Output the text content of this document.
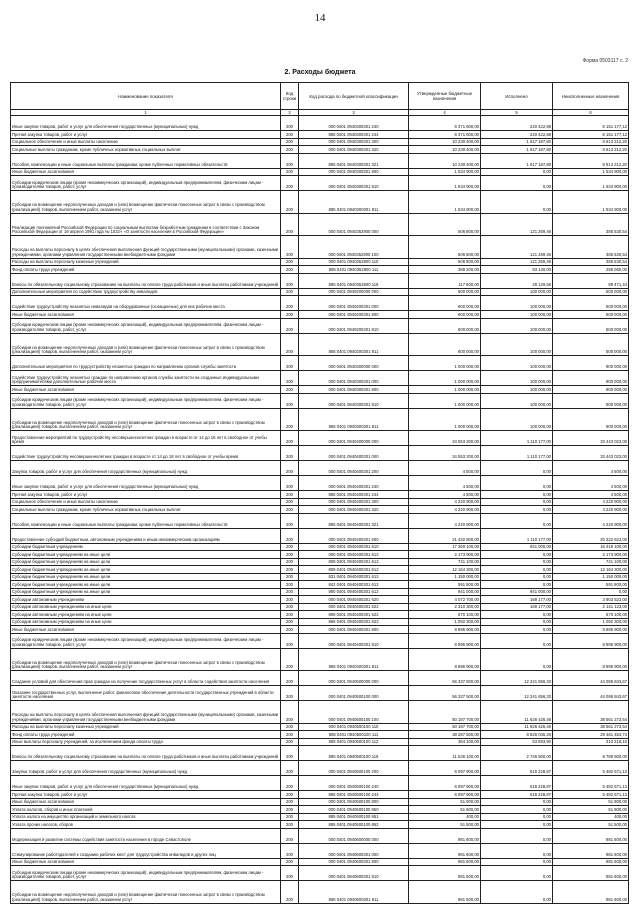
14
Форма 0503117 с. 2
2. Расходы бюджета
Наименование показателя	Код строки	Код расхода по бюджетной классификации	Утвержденные бюджетные назначения	Исполнено	Неисполненные назначения
1	2	3	4	5	6
Иные закупки товаров, работ и услуг для обеспечения государственных (муниципальных) нужд	200	000 0401 0940300301 240	6 371 600,00	220 422,88	6 151 177,12
Прочая закупка товаров, работ и услуг	200	885 0401 0940300301 244	6 371 600,00	220 422,88	6 151 177,12
Социальное обеспечение и иные выплаты населению	200	000 0401 0940300301 300	10 230 400,00	1 617 187,80	8 613 212,20
Социальные выплаты гражданам, кроме публичных нормативных социальных выплат	200	000 0401 0940300301 320	10 230 400,00	1 617 187,80	8 613 212,20
Пособия, компенсации и иные социальные выплаты гражданам, кроме публичных нормативных обязательств	200	885 0401 0940300301 321	10 230 400,00	1 617 187,80	8 613 212,20
Иные бюджетные ассигнования	200	000 0401 0940300301 800	1 534 900,00	0,00	1 534 900,00
Субсидии юридическим лицам (кроме некоммерческих организаций), индивидуальным предпринимателям, физическим лицам - производителям товаров, работ, услуг	200	000 0401 0940300301 810	1 534 900,00	0,00	1 534 900,00
Субсидии на возмещение недополученных доходов и (или) возмещение фактически понесенных затрат в связи с производством (реализацией) товаров, выполнением работ, оказанием услуг	200	885 0401 0940300301 811	1 534 900,00	0,00	1 534 900,00
Реализация полномочий Российской Федерации по социальным выплатам безработным гражданам в соответствии с Законом Российской Федерации от 19 апреля 1991 года № 1032-I «О занятости населения в Российской Федерации»	200	000 0401 0940352900 000	506 800,00	121 269,46	385 530,54
Расходы на выплаты персоналу в целях обеспечения выполнения функций государственными (муниципальными) органами, казенными учреждениями, органами управления государственными внебюджетными фондами	200	000 0401 0940352900 100	506 800,00	121 269,46	385 530,54
Расходы на выплаты персоналу казенных учреждений	200	000 0401 0940352900 110	506 800,00	121 269,46	385 530,54
Фонд оплаты труда учреждений	200	885 0401 0940352900 111	389 200,00	93 140,00	296 060,00
Взносы по обязательному социальному страхованию на выплаты по оплате труда работников и иные выплаты работникам учреждений	200	885 0401 0940352900 119	117 600,00	28 129,56	89 471,44
Дополнительные мероприятия по содействию трудоустройству инвалидов	200	000 0401 0940200000 000	600 000,00	100 000,00	500 000,00
Содействие трудоустройству незанятых инвалидов на оборудованные (оснащенные) для них рабочие места	200	000 0401 0940200301 000	600 000,00	100 000,00	500 000,00
Иные бюджетные ассигнования	200	000 0401 0940200301 800	600 000,00	100 000,00	500 000,00
Субсидии юридическим лицам (кроме некоммерческих организаций), индивидуальным предпринимателям, физическим лицам - производителям товаров, работ, услуг	200	000 0401 0940200301 810	600 000,00	100 000,00	500 000,00
Субсидии на возмещение недополученных доходов и (или) возмещение фактически понесенных затрат в связи с производством (реализацией) товаров, выполнением работ, оказанием услуг	200	885 0401 0940200301 811	600 000,00	100 000,00	500 000,00
Дополнительные мероприятия по трудоустройству незанятых граждан по направлению органов службы занятости	200	000 0401 0940300000 000	1 000 000,00	100 000,00	900 000,00
Содействие трудоустройству незанятых граждан по направлению органов службы занятости на созданные индивидуальными предпринимателями дополнительные рабочие места	200	000 0401 0940300301 000	1 000 000,00	100 000,00	900 000,00
Иные бюджетные ассигнования	200	000 0401 0940300301 800	1 000 000,00	100 000,00	900 000,00
Субсидии юридическим лицам (кроме некоммерческих организаций), индивидуальным предпринимателям, физическим лицам - производителям товаров, работ, услуг	200	000 0401 0940300301 810	1 000 000,00	100 000,00	900 000,00
Субсидии на возмещение недополученных доходов и (или) возмещение фактически понесенных затрат в связи с производством (реализацией) товаров, выполнением работ, оказанием услуг	200	885 0401 0940300301 811	1 000 000,00	100 000,00	900 000,00
Предоставление мероприятий по трудоустройству несовершеннолетних граждан в возрасте от 14 до 18 лет в свободное от учебы время	200	000 0401 0940400000 000	34 553 200,00	1 110 177,00	33 443 023,00
Содействие трудоустройству несовершеннолетних граждан в возрасте от 14 до 18 лет в свободное от учебы время	200	000 0401 0940400301 000	34 553 200,00	1 110 177,00	33 443 023,00
Закупка товаров, работ и услуг для обеспечения государственных (муниципальных) нужд	200	000 0401 0940400301 200	4 500,00	0,00	4 500,00
Иные закупки товаров, работ и услуг для обеспечения государственных (муниципальных) нужд	200	000 0401 0940400301 240	4 500,00	0,00	4 500,00
Прочая закупка товаров, работ и услуг	200	885 0401 0940400301 244	4 500,00	0,00	4 500,00
Социальное обеспечение и иные выплаты населению	200	000 0401 0940400301 300	4 220 900,00	0,00	4 220 900,00
Социальные выплаты гражданам, кроме публичных нормативных социальных выплат	200	000 0401 0940400301 320	4 220 900,00	0,00	4 220 900,00
Пособия, компенсации и иные социальные выплаты гражданам, кроме публичных нормативных обязательств	200	885 0401 0940400301 321	4 220 900,00	0,00	4 220 900,00
Предоставление субсидий бюджетным, автономным учреждениям и иным некоммерческим организациям	200	000 0401 0940400301 600	21 432 800,00	1 110 177,00	20 322 623,00
Субсидии бюджетным учреждениям	200	000 0401 0940400301 610	17 360 100,00	941 000,00	16 419 100,00
Субсидии бюджетным учреждениям на иные цели	200	000 0401 0940400301 612	2 173 900,00	0,00	2 173 900,00
Субсидии бюджетным учреждениям на иные цели	200	808 0401 0940400301 612	741 100,00	0,00	741 100,00
Субсидии бюджетным учреждениям на иные цели	200	809 0401 0940400301 612	12 164 300,00	0,00	12 164 300,00
Субсидии бюджетным учреждениям на иные цели	200	831 0401 0940400301 612	1 150 000,00	0,00	1 150 000,00
Субсидии бюджетным учреждениям на иные цели	200	842 0401 0940400301 612	591 800,00	0,00	591 800,00
Субсидии бюджетным учреждениям на иные цели	200	890 0401 0940400301 612	941 000,00	941 000,00	0,00
Субсидии автономным учреждениям	200	000 0401 0940400301 620	4 072 700,00	169 177,00	3 903 523,00
Субсидии автономным учреждениям на иные цели	200	000 0401 0940400301 622	2 310 300,00	169 177,00	2 141 123,00
Субсидии автономным учреждениям на иные цели	200	809 0401 0940400301 622	670 100,00	0,00	670 100,00
Субсидии автономным учреждениям на иные цели	200	866 0401 0940400301 622	1 092 300,00	0,00	1 092 300,00
Иные бюджетные ассигнования	200	000 0401 0940400301 800	8 895 900,00	0,00	8 895 900,00
Субсидии юридическим лицам (кроме некоммерческих организаций), индивидуальным предпринимателям, физическим лицам - производителям товаров, работ, услуг	200	000 0401 0940400301 810	8 895 900,00	0,00	8 895 900,00
Субсидии на возмещение недополученных доходов и (или) возмещение фактически понесенных затрат в связи с производством (реализацией) товаров, выполнением работ, оказанием услуг	200	885 0401 0940400301 811	8 895 900,00	0,00	8 895 900,00
Создание условий для обеспечения прав граждан на получение государственных услуг в области содействия занятости населения	200	000 0401 0940500000 000	56 337 500,00	12 241 656,33	44 095 843,67
Оказание государственных услуг, выполнение работ, финансовое обеспечение деятельности государственных учреждений в области занятости населения	200	000 0401 0940500100 000	56 337 500,00	12 241 656,33	44 095 843,67
Расходы на выплаты персоналу в целях обеспечения выполнения функций государственными (муниципальными) органами, казенными учреждениями, органами управления государственными внебюджетными фондами	200	000 0401 0940500100 100	50 187 700,00	11 626 426,46	38 561 273,54
Расходы на выплаты персоналу казенных учреждений	200	000 0401 0940500100 110	50 187 700,00	11 626 426,46	38 561 273,54
Фонд оплаты труда учреждений	200	885 0401 0940500100 111	38 287 500,00	8 826 045,26	29 461 454,74
Иные выплаты персоналу учреждений, за исключением фонда оплаты труда	200	885 0401 0940500100 112	364 100,00	53 883,90	310 216,10
Взносы по обязательному социальному страхованию на выплаты по оплате труда работников и иные выплаты работникам учреждений	200	885 0401 0940500100 119	11 536 100,00	2 746 500,00	8 789 600,00
Закупка товаров, работ и услуг для обеспечения государственных (муниципальных) нужд	200	000 0401 0940500100 200	6 097 900,00	615 228,87	5 482 671,13
Иные закупки товаров, работ и услуг для обеспечения государственных (муниципальных) нужд	200	000 0401 0940500100 240	6 097 900,00	615 228,87	5 482 671,13
Прочая закупка товаров, работ и услуг	200	885 0401 0940500100 244	6 097 900,00	615 228,87	5 482 671,13
Иные бюджетные ассигнования	200	000 0401 0940500100 800	51 900,00	0,00	51 900,00
Уплата налогов, сборов и иных платежей	200	000 0401 0940500100 850	51 900,00	0,00	51 900,00
Уплата налога на имущество организаций и земельного налога	200	885 0401 0940500100 851	400,00	0,00	400,00
Уплата прочих налогов, сборов	200	885 0401 0940500100 852	51 500,00	0,00	51 500,00
Модернизация и развитие системы содействия занятости населения в городе Севастополе	200	000 0401 0940600000 000	981 600,00	0,00	981 600,00
Стимулирование работодателей к созданию рабочих мест для трудоустройства инвалидов и других лиц	200	000 0401 0940600301 000	981 600,00	0,00	981 600,00
Иные бюджетные ассигнования	200	000 0401 0940600301 800	981 600,00	0,00	981 600,00
Субсидии юридическим лицам (кроме некоммерческих организаций), индивидуальным предпринимателям, физическим лицам - производителям товаров, работ, услуг	200	000 0401 0940600301 810	981 600,00	0,00	981 600,00
Субсидии на возмещение недополученных доходов и (или) возмещение фактически понесенных затрат в связи с производством (реализацией) товаров, выполнением работ, оказанием услуг	200	885 0401 0940600301 811	981 600,00	0,00	981 600,00
